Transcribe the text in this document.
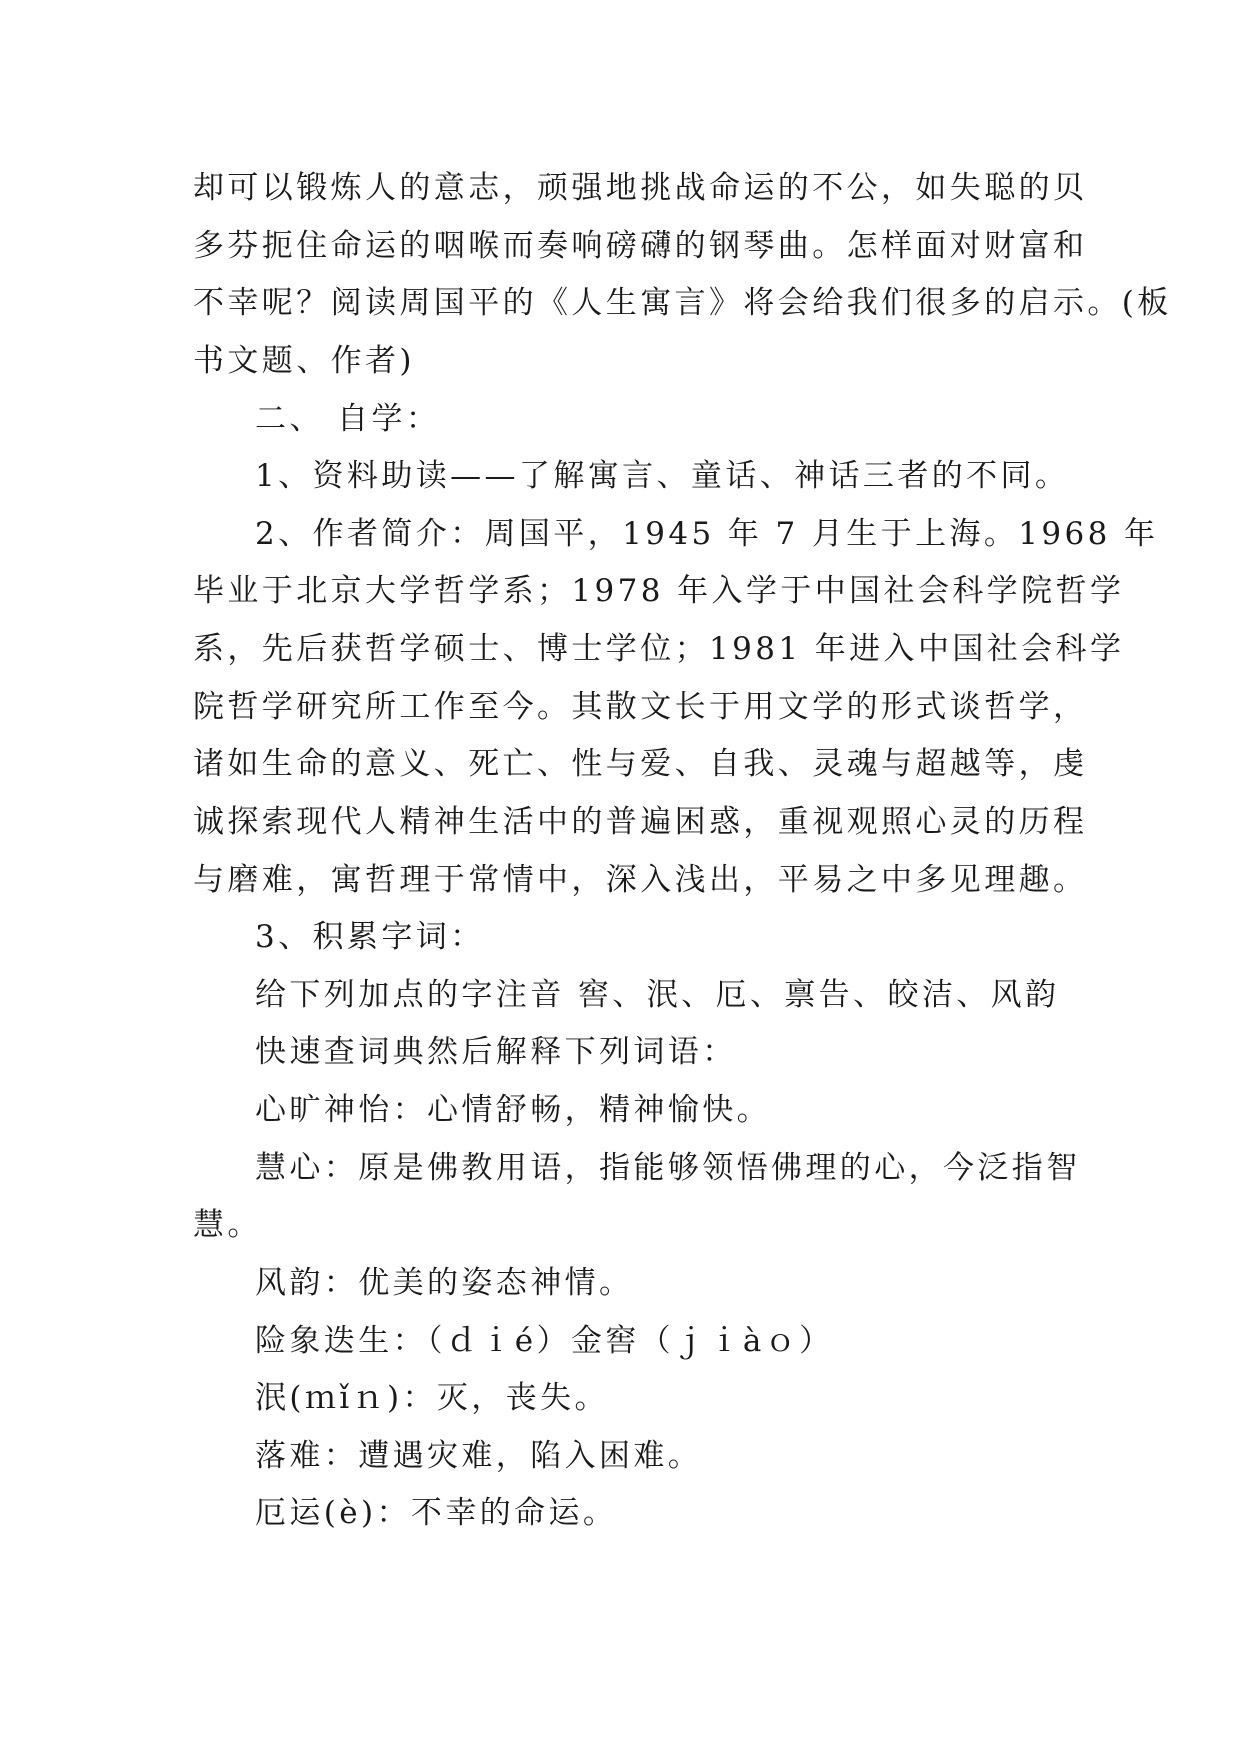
却可以锻炼人的意志，顽强地挑战命运的不公，如失聪的贝
多芬扼住命运的咽喉而奏响磅礴的钢琴曲。怎样面对财富和
不幸呢？阅读周国平的《人生寓言》将会给我们很多的启示。(板
书文题、作者)
二、 自学：
1、资料助读——了解寓言、童话、神话三者的不同。
2、作者简介：周国平，1945 年 7 月生于上海。1968 年
毕业于北京大学哲学系；1978 年入学于中国社会科学院哲学
系，先后获哲学硕士、博士学位；1981 年进入中国社会科学
院哲学研究所工作至今。其散文长于用文学的形式谈哲学，
诸如生命的意义、死亡、性与爱、自我、灵魂与超越等，虔
诚探索现代人精神生活中的普遍困惑，重视观照心灵的历程
与磨难，寓哲理于常情中，深入浅出，平易之中多见理趣。
3、积累字词：
给下列加点的字注音 窖、泯、厄、禀告、皎洁、风韵
快速查词典然后解释下列词语：
心旷神怡：心情舒畅，精神愉快。
慧心：原是佛教用语，指能够领悟佛理的心，今泛指智
慧。
风韵：优美的姿态神情。
险象迭生：（ｄｉé）金窖（ｊｉàｏ）
泯(ｍǐｎ)：灭，丧失。
落难：遭遇灾难，陷入困难。
厄运(è)：不幸的命运。
